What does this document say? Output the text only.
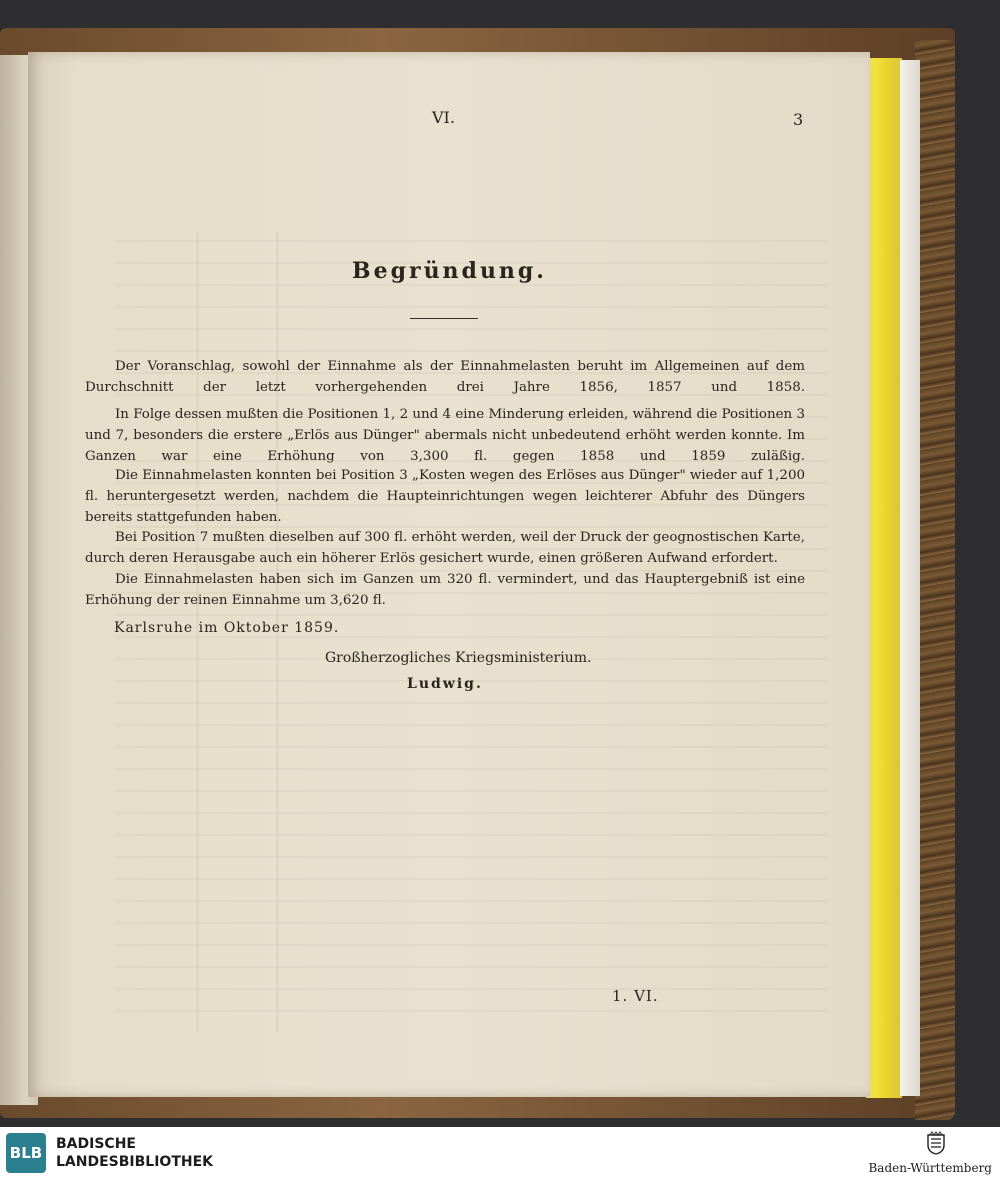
VI.	3
Begründung.
Der Voranschlag, sowohl der Einnahme als der Einnahmelasten beruht im Allgemeinen auf dem Durchschnitt der letzt vorhergehenden drei Jahre 1856, 1857 und 1858.
In Folge dessen mußten die Positionen 1, 2 und 4 eine Minderung erleiden, während die Positionen 3 und 7, besonders die erstere „Erlös aus Dünger" abermals nicht unbedeutend erhöht werden konnte. Im Ganzen war eine Erhöhung von 3,300 fl. gegen 1858 und 1859 zuläßig.
Die Einnahmelasten konnten bei Position 3 „Kosten wegen des Erlöses aus Dünger" wieder auf 1,200 fl. heruntergesetzt werden, nachdem die Haupteinrichtungen wegen leichterer Abfuhr des Düngers bereits stattgefunden haben.
Bei Position 7 mußten dieselben auf 300 fl. erhöht werden, weil der Druck der geognostischen Karte, durch deren Herausgabe auch ein höherer Erlös gesichert wurde, einen größeren Aufwand erfordert.
Die Einnahmelasten haben sich im Ganzen um 320 fl. vermindert, und das Hauptergebniß ist eine Erhöhung der reinen Einnahme um 3,620 fl.
Karlsruhe im Oktober 1859.
Großherzogliches Kriegsministerium.
Ludwig.
1. VI.
BLB BADISCHE
LANDESBIBLIOTHEK	Baden-Württemberg
